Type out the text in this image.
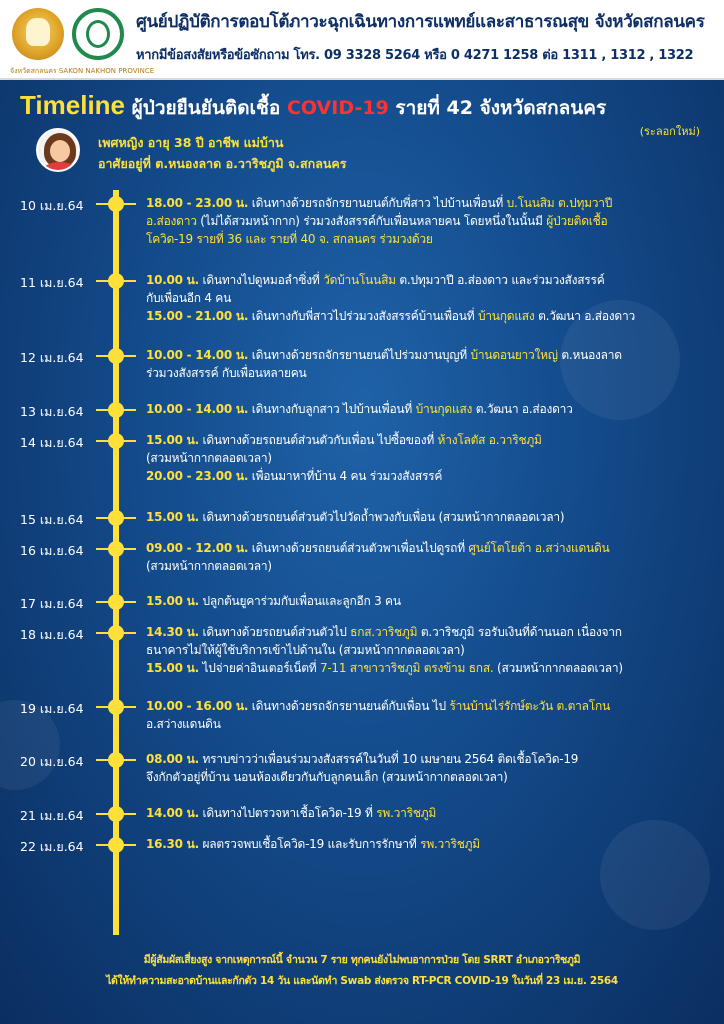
จังหวัดสกลนคร SAKON NAKHON PROVINCE
ศูนย์ปฏิบัติการตอบโต้ภาวะฉุกเฉินทางการแพทย์และสาธารณสุข จังหวัดสกลนคร
หากมีข้อสงสัยหรือข้อซักถาม โทร. 09 3328 5264 หรือ 0 4271 1258 ต่อ 1311 , 1312 , 1322
Timeline ผู้ป่วยยืนยันติดเชื้อ COVID-19 รายที่ 42 จังหวัดสกลนคร
(ระลอกใหม่)
เพศหญิง อายุ 38 ปี อาชีพ แม่บ้าน
อาศัยอยู่ที่ ต.หนองลาด อ.วาริชภูมิ จ.สกลนคร
10 เม.ย.64	18.00 - 23.00 น. เดินทางด้วยรถจักรยานยนต์กับพี่สาว ไปบ้านเพื่อนที่ บ.โนนสิม ต.ปทุมวาปี
อ.ส่องดาว (ไม่ได้สวมหน้ากาก) ร่วมวงสังสรรค์กับเพื่อนหลายคน โดยหนึ่งในนั้นมี ผู้ป่วยติดเชื้อ
โควิด-19 รายที่ 36 และ รายที่ 40 จ. สกลนคร ร่วมวงด้วย
11 เม.ย.64	10.00 น. เดินทางไปดูหมอลำซิ่งที่ วัดบ้านโนนสิม ต.ปทุมวาปี อ.ส่องดาว และร่วมวงสังสรรค์
กับเพื่อนอีก 4 คน
15.00 - 21.00 น. เดินทางกับพี่สาวไปร่วมวงสังสรรค์บ้านเพื่อนที่ บ้านกุดแสง ต.วัฒนา อ.ส่องดาว
12 เม.ย.64	10.00 - 14.00 น. เดินทางด้วยรถจักรยานยนต์ไปร่วมงานบุญที่ บ้านดอนยาวใหญ่ ต.หนองลาด
ร่วมวงสังสรรค์ กับเพื่อนหลายคน
13 เม.ย.64	10.00 - 14.00 น. เดินทางกับลูกสาว ไปบ้านเพื่อนที่ บ้านกุดแสง ต.วัฒนา อ.ส่องดาว
14 เม.ย.64	15.00 น. เดินทางด้วยรถยนต์ส่วนตัวกับเพื่อน ไปซื้อของที่ ห้างโลตัส อ.วาริชภูมิ
(สวมหน้ากากตลอดเวลา)
20.00 - 23.00 น. เพื่อนมาหาที่บ้าน 4 คน ร่วมวงสังสรรค์
15 เม.ย.64	15.00 น. เดินทางด้วยรถยนต์ส่วนตัวไปวัดถ้ำพวงกับเพื่อน (สวมหน้ากากตลอดเวลา)
16 เม.ย.64	09.00 - 12.00 น. เดินทางด้วยรถยนต์ส่วนตัวพาเพื่อนไปดูรถที่ ศูนย์โตโยต้า อ.สว่างแดนดิน
(สวมหน้ากากตลอดเวลา)
17 เม.ย.64	15.00 น. ปลูกต้นยูคาร่วมกับเพื่อนและลูกอีก 3 คน
18 เม.ย.64	14.30 น. เดินทางด้วยรถยนต์ส่วนตัวไป ธกส.วาริชภูมิ ต.วาริชภูมิ รอรับเงินที่ด้านนอก เนื่องจาก
ธนาคารไม่ให้ผู้ใช้บริการเข้าไปด้านใน (สวมหน้ากากตลอดเวลา)
15.00 น. ไปจ่ายค่าอินเตอร์เน็ตที่ 7-11 สาขาวาริชภูมิ ตรงข้าม ธกส. (สวมหน้ากากตลอดเวลา)
19 เม.ย.64	10.00 - 16.00 น. เดินทางด้วยรถจักรยานยนต์กับเพื่อน ไป ร้านบ้านไร่รักษ์ตะวัน ต.ตาลโกน
อ.สว่างแดนดิน
20 เม.ย.64	08.00 น. ทราบข่าวว่าเพื่อนร่วมวงสังสรรค์ในวันที่ 10 เมษายน 2564 ติดเชื้อโควิด-19
จึงกักตัวอยู่ที่บ้าน นอนห้องเดียวกันกับลูกคนเล็ก (สวมหน้ากากตลอดเวลา)
21 เม.ย.64	14.00 น. เดินทางไปตรวจหาเชื้อโควิด-19 ที่ รพ.วาริชภูมิ
22 เม.ย.64	16.30 น. ผลตรวจพบเชื้อโควิด-19 และรับการรักษาที่ รพ.วาริชภูมิ
มีผู้สัมผัสเสี่ยงสูง จากเหตุการณ์นี้ จำนวน 7 ราย ทุกคนยังไม่พบอาการป่วย โดย SRRT อำเภอวาริชภูมิ
ได้ให้ทำความสะอาดบ้านและกักตัว 14 วัน และนัดทำ Swab ส่งตรวจ RT-PCR COVID-19 ในวันที่ 23 เม.ย. 2564
